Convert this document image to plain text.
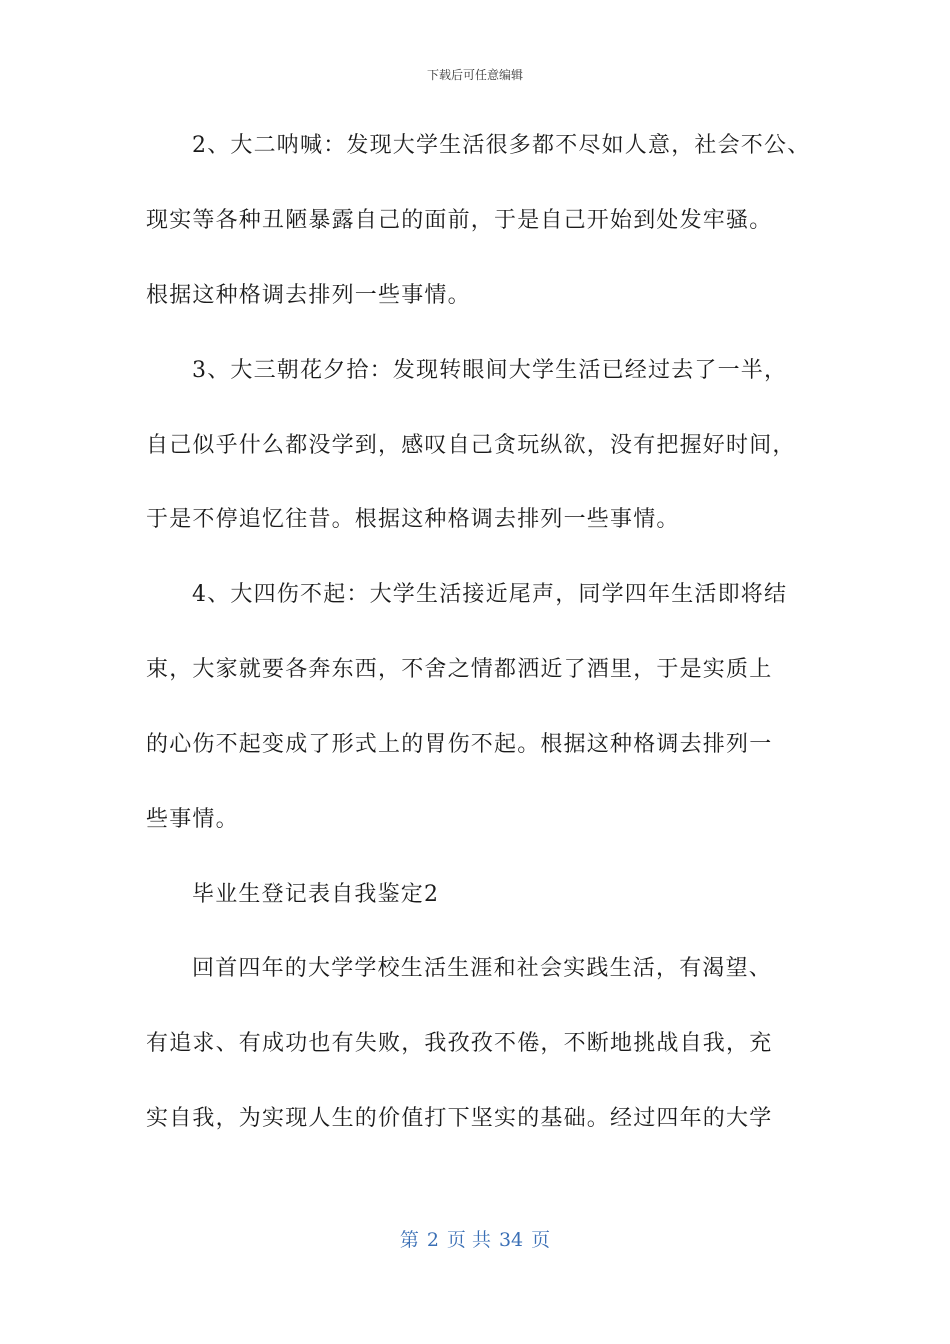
下载后可任意编辑
2、大二呐喊：发现大学生活很多都不尽如人意，社会不公、
现实等各种丑陋暴露自己的面前，于是自己开始到处发牢骚。
根据这种格调去排列一些事情。
3、大三朝花夕拾：发现转眼间大学生活已经过去了一半，
自己似乎什么都没学到，感叹自己贪玩纵欲，没有把握好时间，
于是不停追忆往昔。根据这种格调去排列一些事情。
4、大四伤不起：大学生活接近尾声，同学四年生活即将结
束，大家就要各奔东西，不舍之情都洒近了酒里，于是实质上
的心伤不起变成了形式上的胃伤不起。根据这种格调去排列一
些事情。
毕业生登记表自我鉴定2
回首四年的大学学校生活生涯和社会实践生活，有渴望、
有追求、有成功也有失败，我孜孜不倦，不断地挑战自我，充
实自我，为实现人生的价值打下坚实的基础。经过四年的大学
第 2 页 共 34 页
